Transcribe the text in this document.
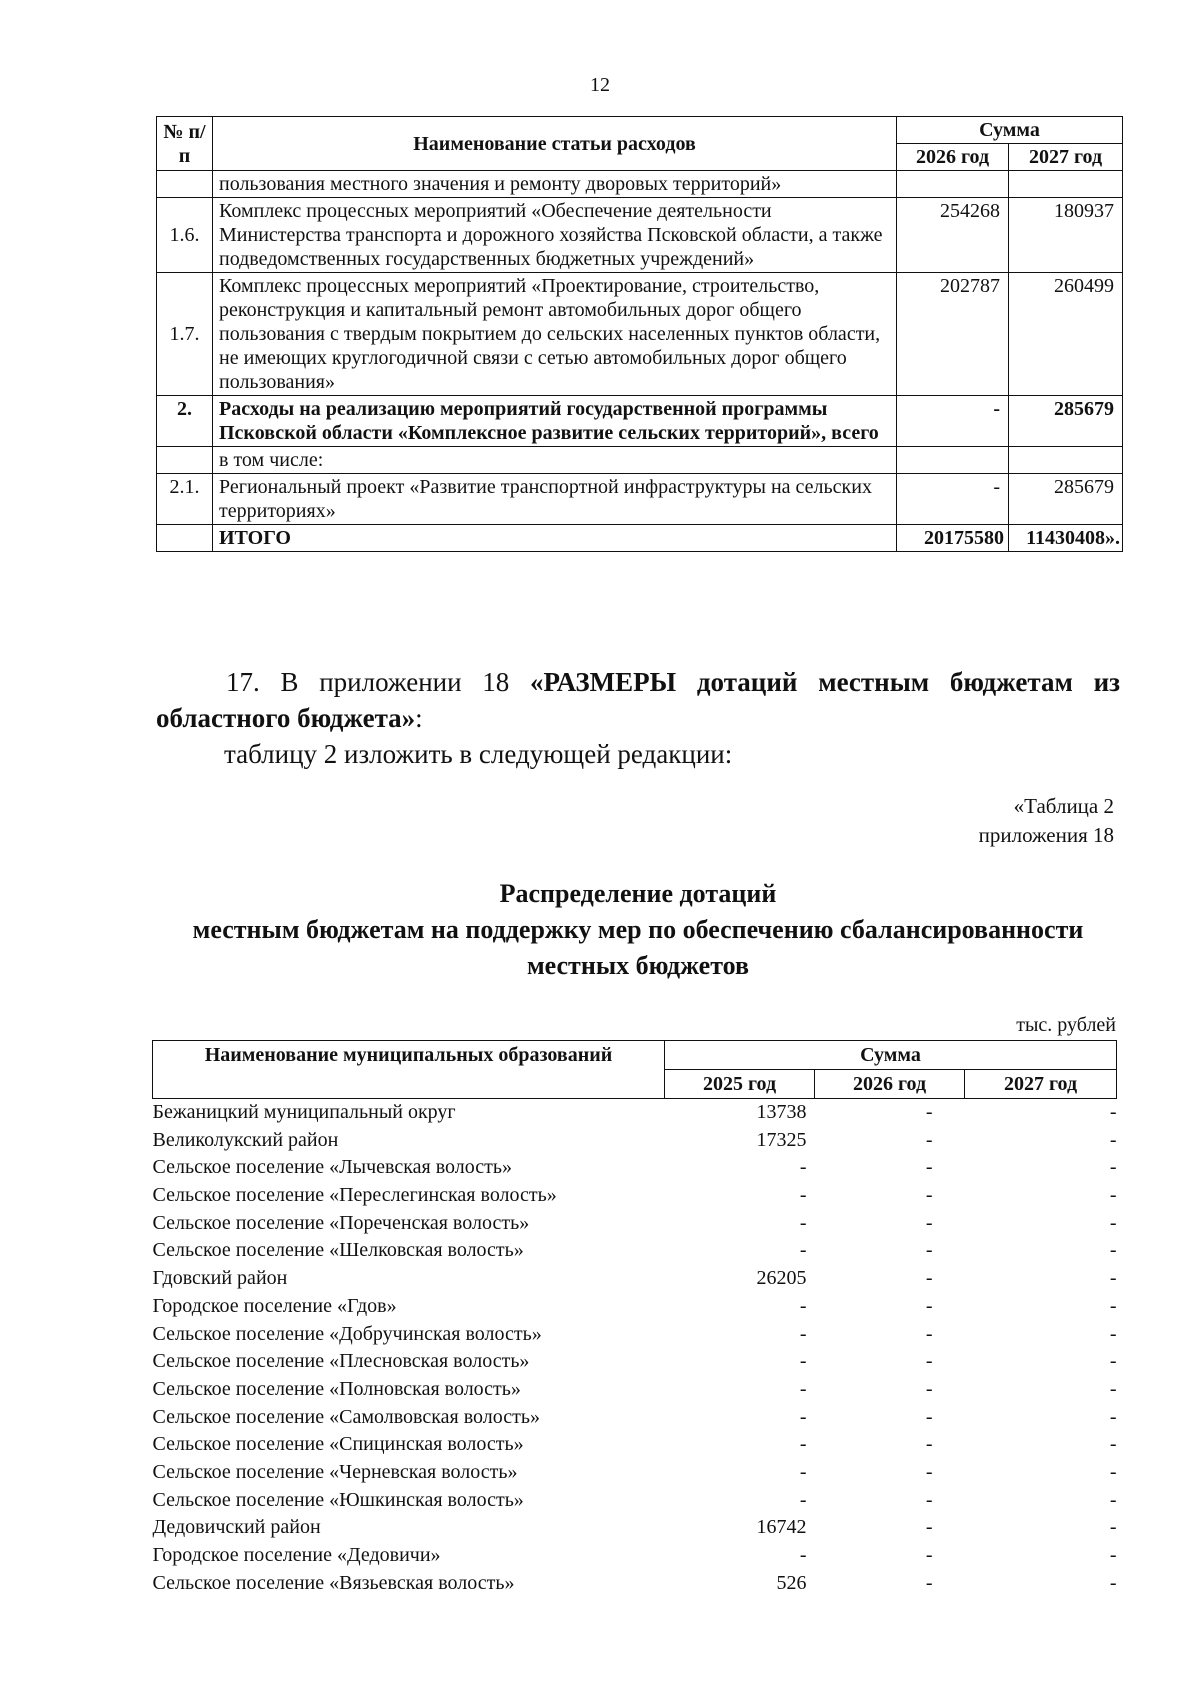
12
№ п/п	Наименование статьи расходов	Сумма	
		2026 год	2027 год
	пользования местного значения и ремонту дворовых территорий»		
1.6.	Комплекс процессных мероприятий «Обеспечение деятельности Министерства транспорта и дорожного хозяйства Псковской области, а также подведомственных государственных бюджетных учреждений»	254268	180937
1.7.	Комплекс процессных мероприятий «Проектирование, строительство, реконструкция и капитальный ремонт автомобильных дорог общего пользования с твердым покрытием до сельских населенных пунктов области, не имеющих круглогодичной связи с сетью автомобильных дорог общего пользования»	202787	260499
2.	Расходы на реализацию мероприятий государственной программы Псковской области «Комплексное развитие сельских территорий», всего	-	285679
	в том числе:		
2.1.	Региональный проект «Развитие транспортной инфраструктуры на сельских территориях»	-	285679
	ИТОГО	20175580	11430408».
17. В приложении 18 «РАЗМЕРЫ дотаций местным бюджетам из
областного бюджета»:
таблицу 2 изложить в следующей редакции:
«Таблица 2
приложения 18
Распределение дотаций
местным бюджетам на поддержку мер по обеспечению сбалансированности
местных бюджетов
тыс. рублей
Наименование муниципальных образований	Сумма		
	2025 год	2026 год	2027 год
Бежаницкий муниципальный округ	13738	-	-
Великолукский район	17325	-	-
Сельское поселение «Лычевская волость»	-	-	-
Сельское поселение «Переслегинская волость»	-	-	-
Сельское поселение «Пореченская волость»	-	-	-
Сельское поселение «Шелковская волость»	-	-	-
Гдовский район	26205	-	-
Городское поселение «Гдов»	-	-	-
Сельское поселение «Добручинская волость»	-	-	-
Сельское поселение «Плесновская волость»	-	-	-
Сельское поселение «Полновская волость»	-	-	-
Сельское поселение «Самолвовская волость»	-	-	-
Сельское поселение «Спицинская волость»	-	-	-
Сельское поселение «Черневская волость»	-	-	-
Сельское поселение «Юшкинская волость»	-	-	-
Дедовичский район	16742	-	-
Городское поселение «Дедовичи»	-	-	-
Сельское поселение «Вязьевская волость»	526	-	-
